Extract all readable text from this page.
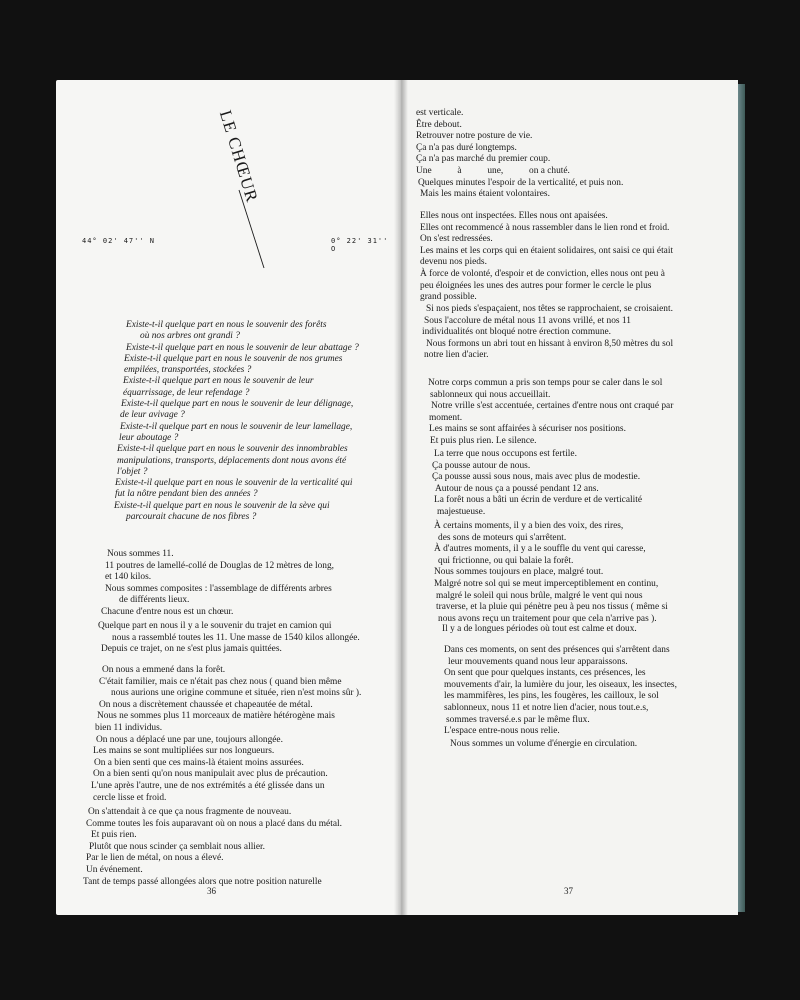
LE CHŒUR
44° 02' 47'' N	0° 22' 31'' O

Existe-t-il quelque part en nous le souvenir des forêts

où nos arbres ont grandi ?

Existe-t-il quelque part en nous le souvenir de leur abattage ?

Existe-t-il quelque part en nous le souvenir de nos grumes

empilées, transportées, stockées ?

Existe-t-il quelque part en nous le souvenir de leur

équarrissage, de leur refendage ?

Existe-t-il quelque part en nous le souvenir de leur délignage,

de leur avivage ?

Existe-t-il quelque part en nous le souvenir de leur lamellage,

leur aboutage ?

Existe-t-il quelque part en nous le souvenir des innombrables

manipulations, transports, déplacements dont nous avons été

l'objet ?

Existe-t-il quelque part en nous le souvenir de la verticalité qui

fut la nôtre pendant bien des années ?

Existe-t-il quelque part en nous le souvenir de la sève qui

parcourait chacune de nos fibres ?

Nous sommes 11.

11 poutres de lamellé-collé de Douglas de 12 mètres de long,

et 140 kilos.

Nous sommes composites : l'assemblage de différents arbres

de différents lieux.

Chacune d'entre nous est un chœur.

Quelque part en nous il y a le souvenir du trajet en camion qui

nous a rassemblé toutes les 11. Une masse de 1540 kilos allongée.

Depuis ce trajet, on ne s'est plus jamais quittées.

On nous a emmené dans la forêt.

C'était familier, mais ce n'était pas chez nous ( quand bien même

nous aurions une origine commune et située, rien n'est moins sûr ).

On nous a discrètement chaussée et chapeautée de métal.

Nous ne sommes plus 11 morceaux de matière hétérogène mais

bien 11 individus.

On nous a déplacé une par une, toujours allongée.

Les mains se sont multipliées sur nos longueurs.

On a bien senti que ces mains-là étaient moins assurées.

On a bien senti qu'on nous manipulait avec plus de précaution.

L'une après l'autre, une de nos extrémités a été glissée dans un

cercle lisse et froid.

On s'attendait à ce que ça nous fragmente de nouveau.

Comme toutes les fois auparavant où on nous a placé dans du métal.

Et puis rien.

Plutôt que nous scinder ça semblait nous allier.

Par le lien de métal, on nous a élevé.

Un événement.

Tant de temps passé allongées alors que notre position naturelle

36

est verticale.

Être debout.

Retrouver notre posture de vie.

Ça n'a pas duré longtemps.

Ça n'a pas marché du premier coup.

Une           à           une,           on a chuté.

Quelques minutes l'espoir de la verticalité, et puis non.

Mais les mains étaient volontaires.

Elles nous ont inspectées. Elles nous ont apaisées.

Elles ont recommencé à nous rassembler dans le lien rond et froid.

On s'est redressées.

Les mains et les corps qui en étaient solidaires, ont saisi ce qui était

devenu nos pieds.

À force de volonté, d'espoir et de conviction, elles nous ont peu à

peu éloignées les unes des autres pour former le cercle le plus

grand possible.

Si nos pieds s'espaçaient, nos têtes se rapprochaient, se croisaient.

Sous l'accolure de métal nous 11 avons vrillé, et nos 11

individualités ont bloqué notre érection commune.

Nous formons un abri tout en hissant à environ 8,50 mètres du sol

notre lien d'acier.

Notre corps commun a pris son temps pour se caler dans le sol

sablonneux qui nous accueillait.

Notre vrille s'est accentuée, certaines d'entre nous ont craqué par

moment.

Les mains se sont affairées à sécuriser nos positions.

Et puis plus rien. Le silence.

La terre que nous occupons est fertile.

Ça pousse autour de nous.

Ça pousse aussi sous nous, mais avec plus de modestie.

Autour de nous ça a poussé pendant 12 ans.

La forêt nous a bâti un écrin de verdure et de verticalité

majestueuse.

À certains moments, il y a bien des voix, des rires,

des sons de moteurs qui s'arrêtent.

À d'autres moments, il y a le souffle du vent qui caresse,

qui frictionne, ou qui balaie la forêt.

Nous sommes toujours en place, malgré tout.

Malgré notre sol qui se meut imperceptiblement en continu,

malgré le soleil qui nous brûle, malgré le vent qui nous

traverse, et la pluie qui pénètre peu à peu nos tissus ( même si

nous avons reçu un traitement pour que cela n'arrive pas ).

Il y a de longues périodes où tout est calme et doux.

Dans ces moments, on sent des présences qui s'arrêtent dans

leur mouvements quand nous leur apparaissons.

On sent que pour quelques instants, ces présences, les

mouvements d'air, la lumière du jour, les oiseaux, les insectes,

les mammifères, les pins, les fougères, les cailloux, le sol

sablonneux, nous 11 et notre lien d'acier, nous tout.e.s,

sommes traversé.e.s par le même flux.

L'espace entre-nous nous relie.

Nous sommes un volume d'énergie en circulation.

37
